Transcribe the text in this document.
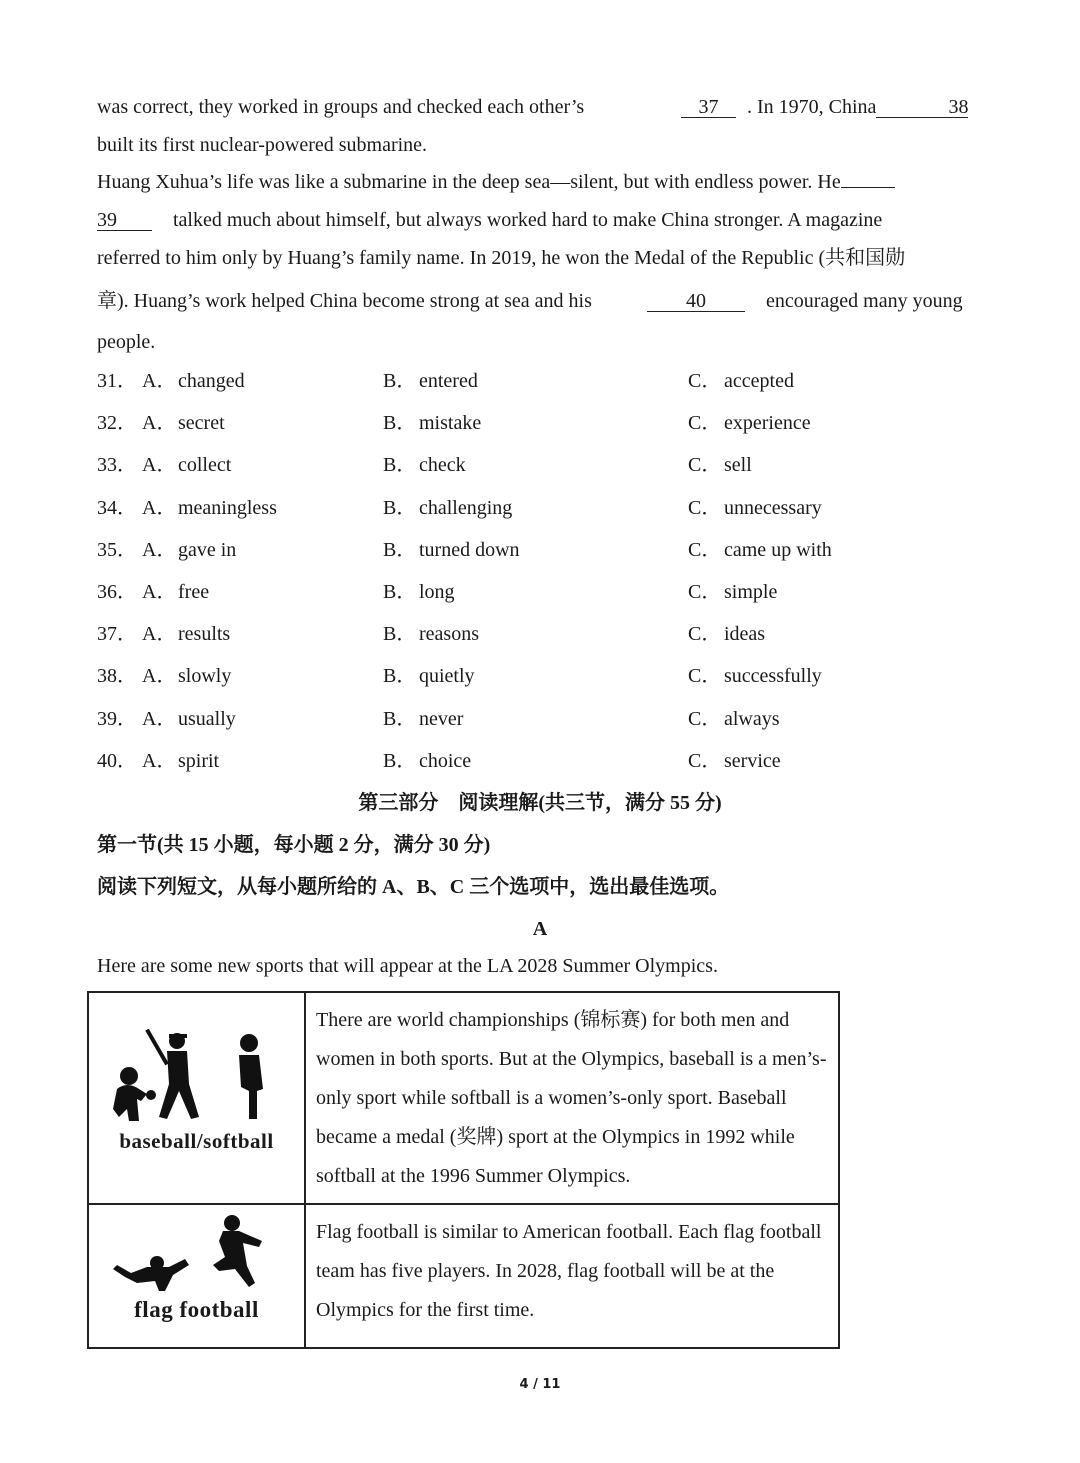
was correct, they worked in groups and checked each other’s	37	. In 1970, China	38
built its first nuclear-powered submarine.
Huang Xuhua’s life was like a submarine in the deep sea—silent, but with endless power. He
39	talked much about himself, but always worked hard to make China stronger. A magazine
referred to him only by Huang’s family name. In 2019, he won the Medal of the Republic (共和国勋
章). Huang’s work helped China become strong at sea and his	40	encouraged many young
people.
31． A． changed	B． entered	C． accepted
32． A． secret	B． mistake	C． experience
33． A． collect	B． check	C． sell
34． A． meaningless	B． challenging	C． unnecessary
35． A． gave in	B． turned down	C． came up with
36． A． free	B． long	C． simple
37． A． results	B． reasons	C． ideas
38． A． slowly	B． quietly	C． successfully
39． A． usually	B． never	C． always
40． A． spirit	B． choice	C． service
第三部分　阅读理解(共三节，满分 55 分)
第一节(共 15 小题，每小题 2 分，满分 30 分)
阅读下列短文，从每小题所给的 A、B、C 三个选项中，选出最佳选项。
A
Here are some new sports that will appear at the LA 2028 Summer Olympics.
baseball/softball	There are world championships (锦标赛) for both men and women in both sports. But at the Olympics, baseball is a men’s-only sport while softball is a women’s-only sport. Baseball became a medal (奖牌) sport at the Olympics in 1992 while softball at the 1996 Summer Olympics.

flag football	Flag football is similar to American football. Each flag football team has five players. In 2028, flag football will be at the Olympics for the first time.
4 / 11
